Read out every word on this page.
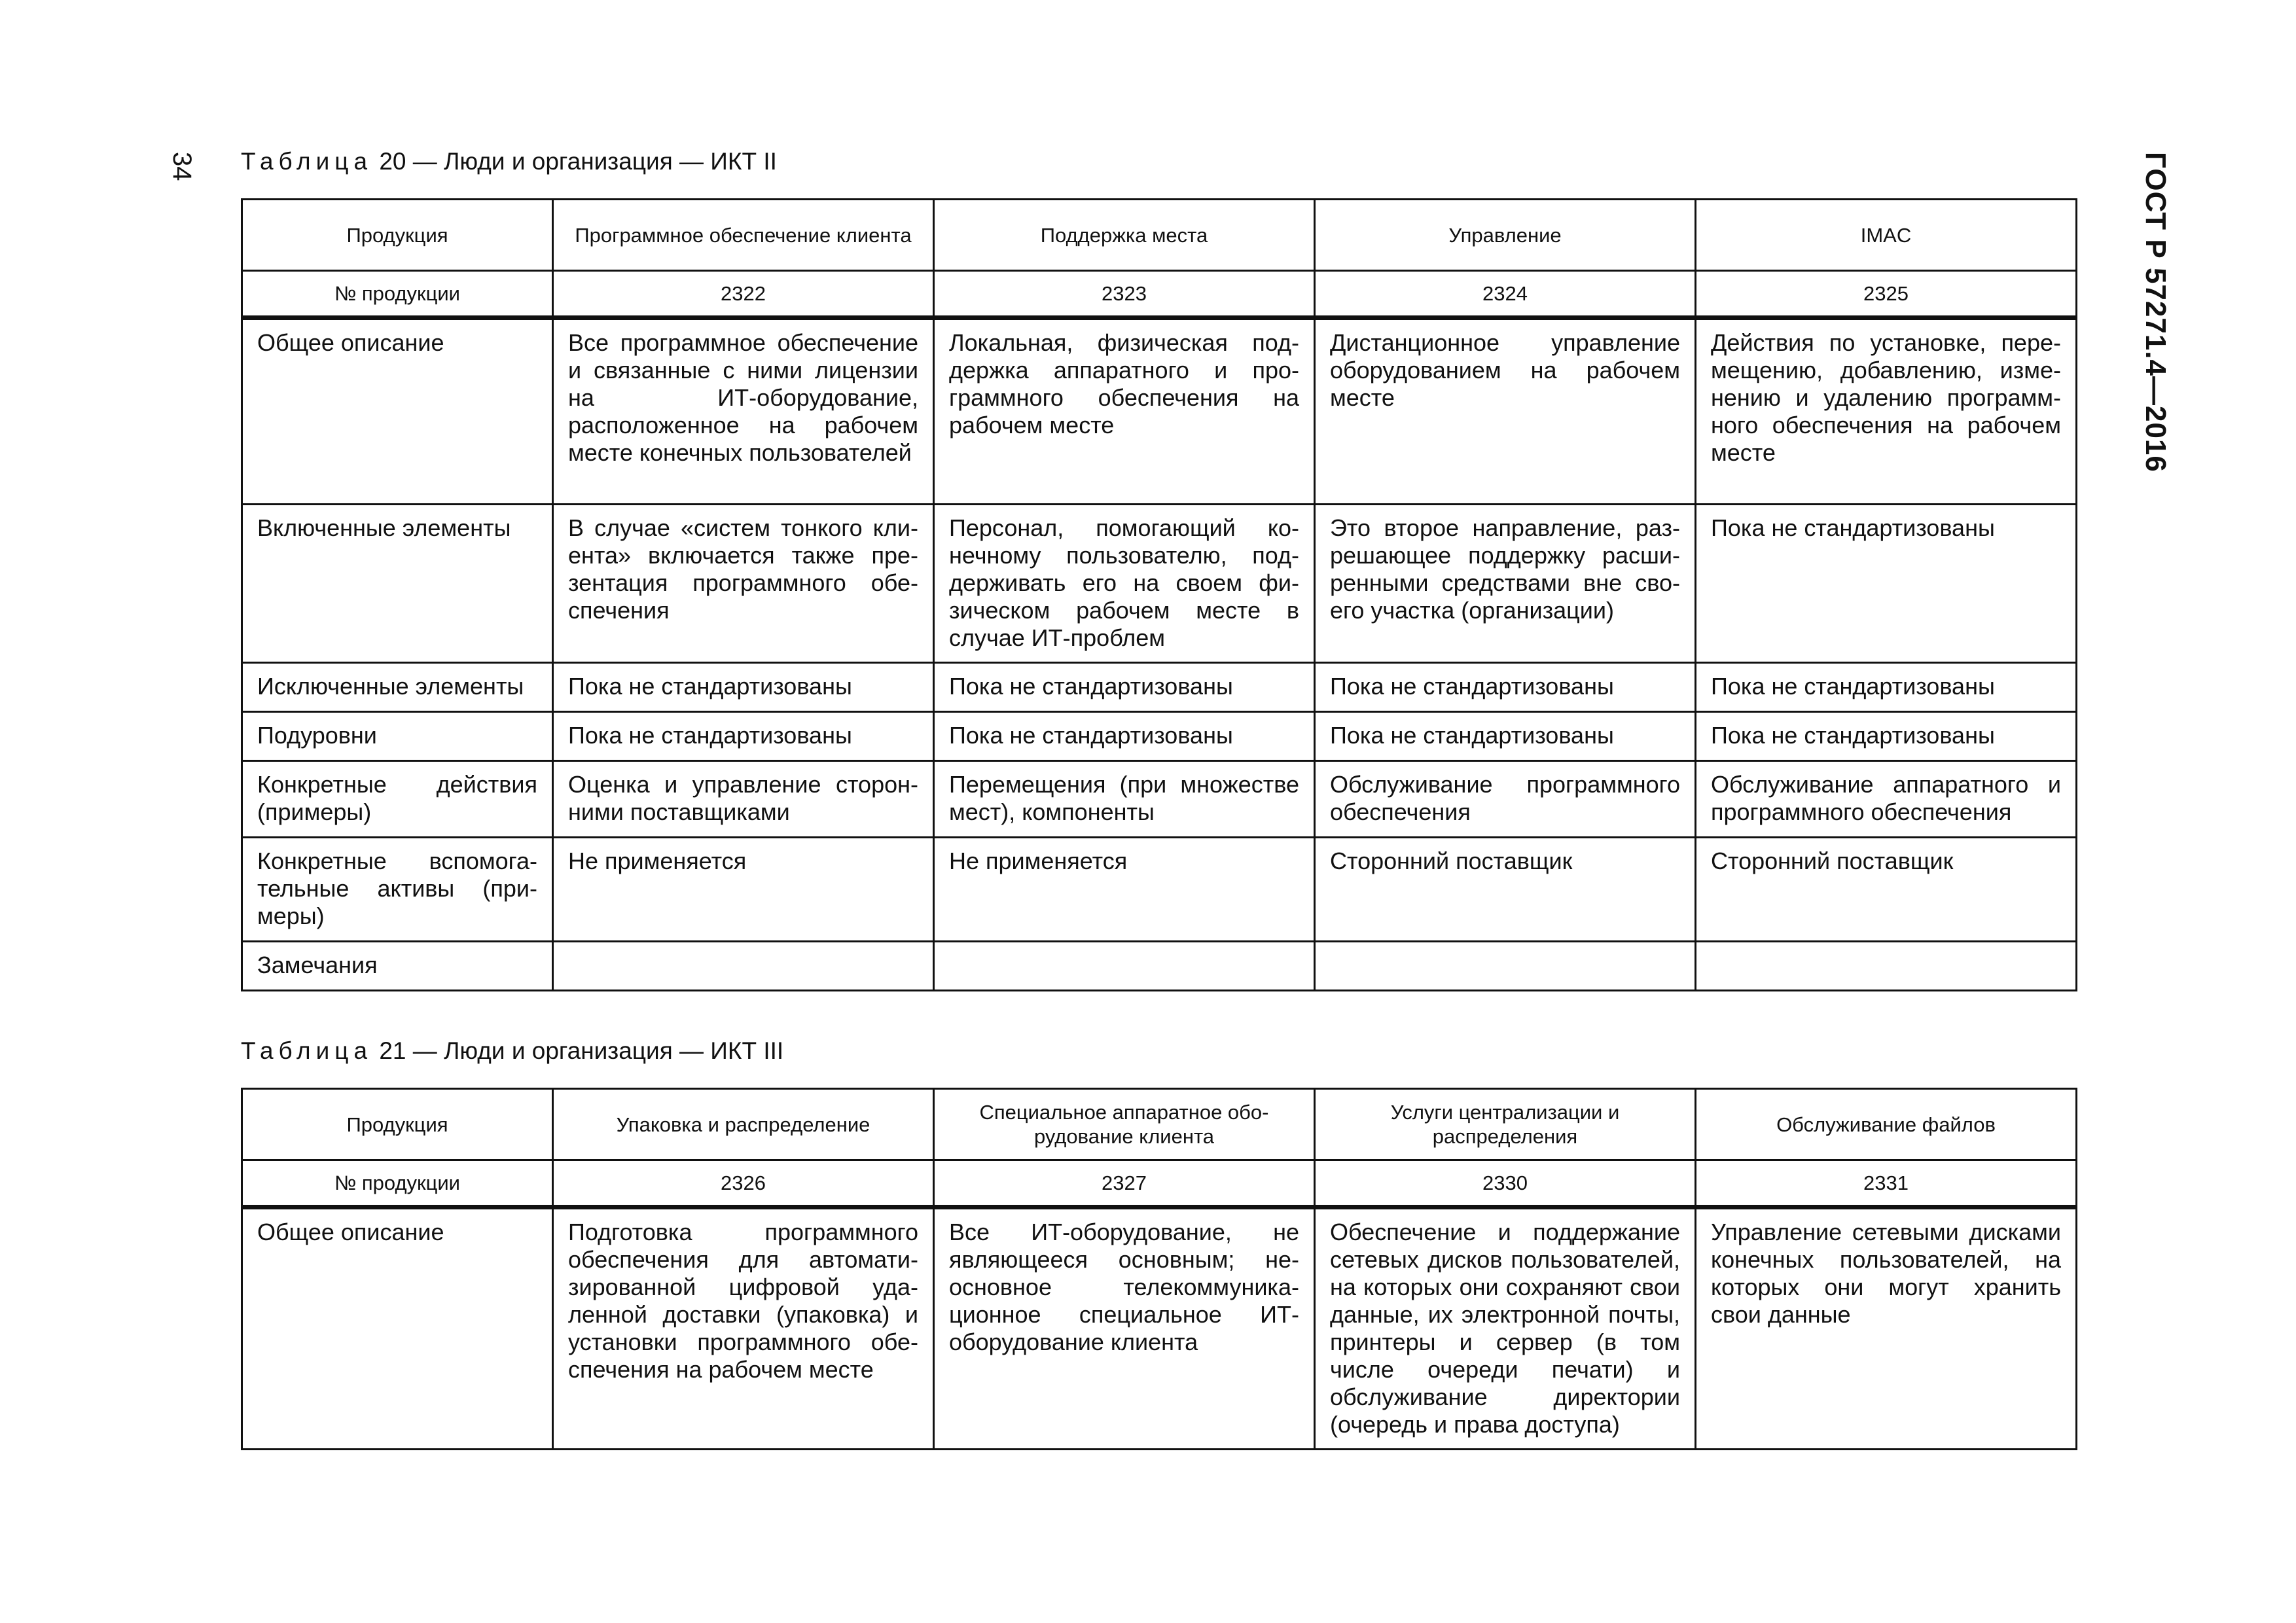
34	ГОСТ Р 57271.4—2016
Таблица 20 — Люди и организация — ИКТ II
Продукция	Программное обеспечение клиента	Поддержка места	Управление	IMAC
№ продукции	2322	2323	2324	2325
Общее описание	Все программное обеспечение и связанные с ними лицензии на ИТ-оборудование, расположенное на рабочем месте конечных пользователей	Локальная, физическая поддержка аппаратного и программного обеспечения на рабочем месте	Дистанционное управление оборудованием на рабочем месте	Действия по установке, перемещению, добавлению, изменению и удалению программного обеспечения на рабочем месте
Включенные элементы	В случае «систем тонкого клиента» включается также презентация программного обеспечения	Персонал, помогающий конечному пользователю, поддерживать его на своем физическом рабочем месте в случае ИТ-проблем	Это второе направление, разрешающее поддержку расширенными средствами вне своего участка (организации)	Пока не стандартизованы
Исключенные элементы	Пока не стандартизованы	Пока не стандартизованы	Пока не стандартизованы	Пока не стандартизованы
Подуровни	Пока не стандартизованы	Пока не стандартизованы	Пока не стандартизованы	Пока не стандартизованы
Конкретные действия (примеры)	Оценка и управление сторонними поставщиками	Перемещения (при множестве мест), компоненты	Обслуживание программного обеспечения	Обслуживание аппаратного и программного обеспечения
Конкретные вспомогательные активы (примеры)	Не применяется	Не применяется	Сторонний поставщик	Сторонний поставщик
Замечания				
Таблица 21 — Люди и организация — ИКТ III
Продукция	Упаковка и распределение	Специальное аппаратное оборудование клиента	Услуги централизации и распределения	Обслуживание файлов
№ продукции	2326	2327	2330	2331
Общее описание	Подготовка программного обеспечения для автоматизированной цифровой удаленной доставки (упаковка) и установки программного обеспечения на рабочем месте	Все ИТ-оборудование, не являющееся основным; неосновное телекоммуникационное специальное ИТ-оборудование клиента	Обеспечение и поддержание сетевых дисков пользователей, на которых они сохраняют свои данные, их электронной почты, принтеры и сервер (в том числе очереди печати) и обслуживание директории (очередь и права доступа)	Управление сетевыми дисками конечных пользователей, на которых они могут хранить свои данные
